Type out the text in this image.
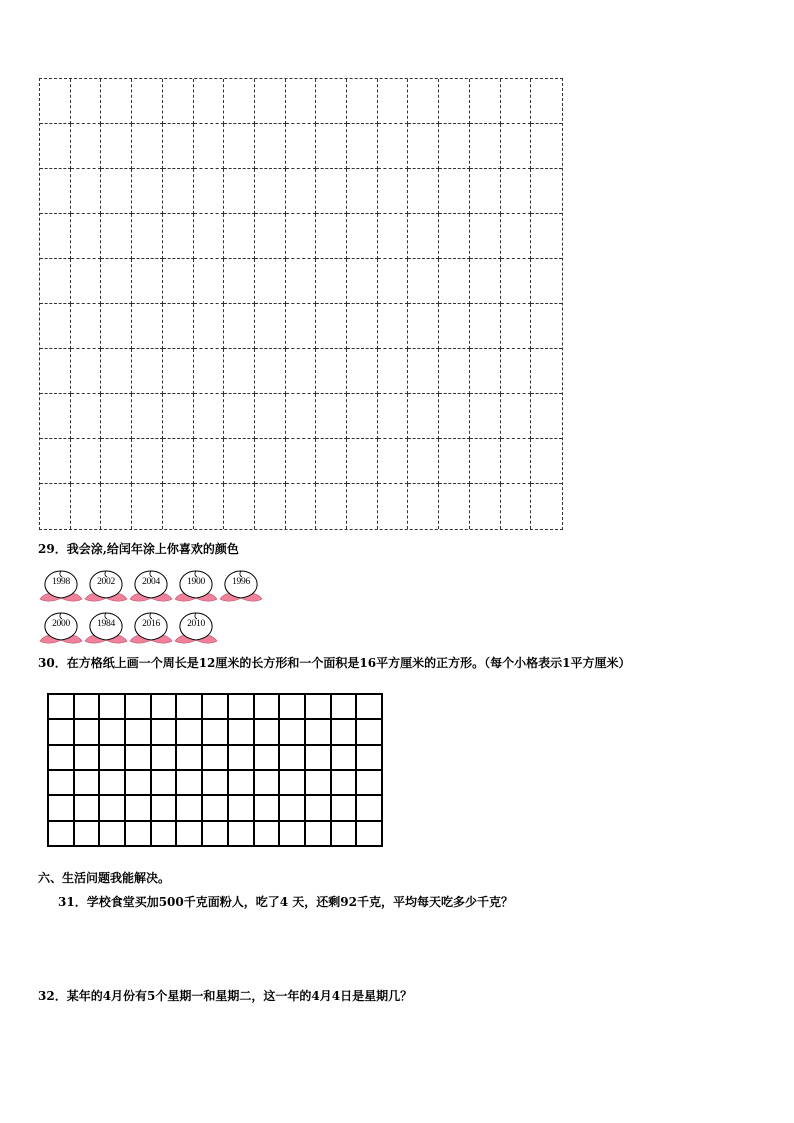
29．我会涂,给闰年涂上你喜欢的颜色
1998	2002	2004	1900	1996
2000	1984	2016	2010
30．在方格纸上画一个周长是12厘米的长方形和一个面积是16平方厘米的正方形。（每个小格表示1平方厘米）
六、生活问题我能解决。
31．学校食堂买加500千克面粉人，吃了4 天，还剩92千克，平均每天吃多少千克？
32．某年的4月份有5个星期一和星期二，这一年的4月4日是星期几？
